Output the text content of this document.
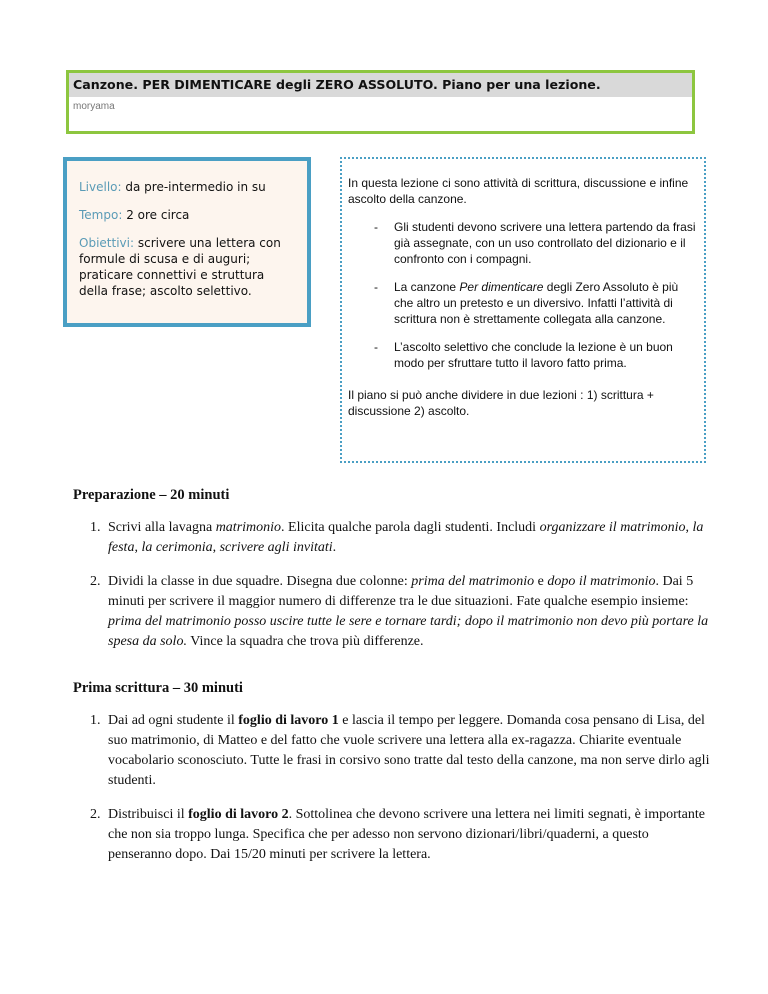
Canzone. PER DIMENTICARE degli ZERO ASSOLUTO. Piano per una lezione.
moryama

Livello: da pre-intermedio in su

Tempo: 2 ore circa

Obiettivi: scrivere una lettera con formule di scusa e di auguri; praticare connettivi e struttura della frase; ascolto selettivo.

In questa lezione ci sono attività di scrittura, discussione e infine ascolto della canzone.

- Gli studenti devono scrivere una lettera partendo da frasi già assegnate, con un uso controllato del dizionario e il confronto con i compagni.
- La canzone Per dimenticare degli Zero Assoluto è più che altro un pretesto e un diversivo. Infatti l’attività di scrittura non è strettamente collegata alla canzone.
- L’ascolto selettivo che conclude la lezione è un buon modo per sfruttare tutto il lavoro fatto prima.

Il piano si può anche dividere in due lezioni : 1) scrittura + discussione 2) ascolto.

Preparazione – 20 minuti
1. Scrivi alla lavagna matrimonio. Elicita qualche parola dagli studenti. Includi organizzare il matrimonio, la festa, la cerimonia, scrivere agli invitati.
2. Dividi la classe in due squadre. Disegna due colonne: prima del matrimonio e dopo il matrimonio. Dai 5 minuti per scrivere il maggior numero di differenze tra le due situazioni. Fate qualche esempio insieme: prima del matrimonio posso uscire tutte le sere e tornare tardi; dopo il matrimonio non devo più portare la spesa da solo. Vince la squadra che trova più differenze.
Prima scrittura – 30 minuti
1. Dai ad ogni studente il foglio di lavoro 1 e lascia il tempo per leggere. Domanda cosa pensano di Lisa, del suo matrimonio, di Matteo e del fatto che vuole scrivere una lettera alla ex-ragazza. Chiarite eventuale vocabolario sconosciuto. Tutte le frasi in corsivo sono tratte dal testo della canzone, ma non serve dirlo agli studenti.
2. Distribuisci il foglio di lavoro 2. Sottolinea che devono scrivere una lettera nei limiti segnati, è importante che non sia troppo lunga. Specifica che per adesso non servono dizionari/libri/quaderni, a questo penseranno dopo. Dai 15/20 minuti per scrivere la lettera.
